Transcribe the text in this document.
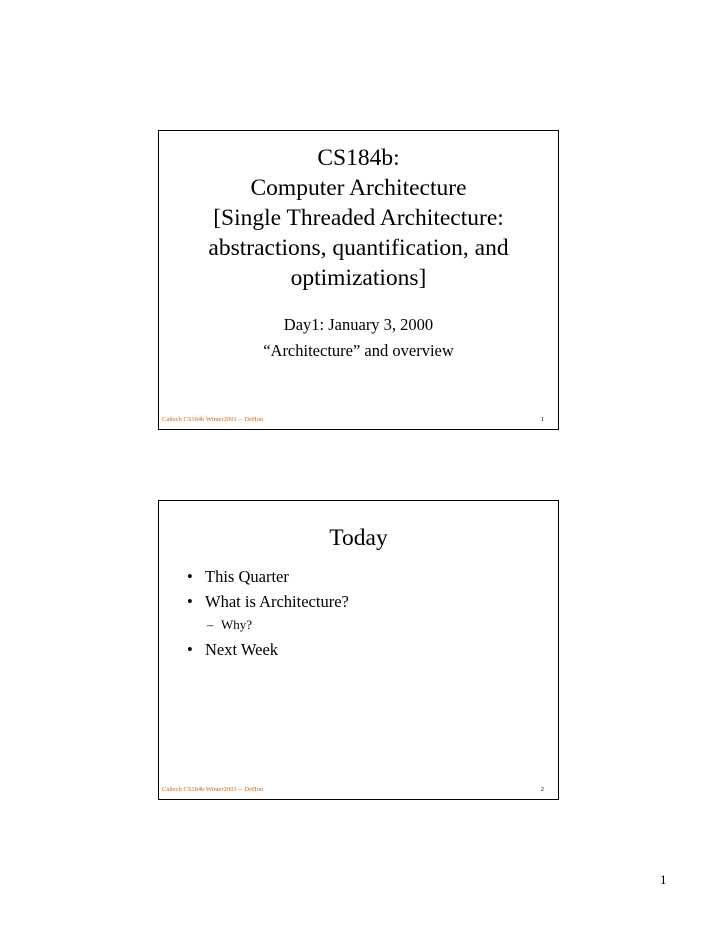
CS184b:
Computer Architecture
[Single Threaded Architecture:
abstractions, quantification, and
optimizations]
Day1: January 3, 2000
“Architecture” and overview
Caltech CS184b Winter2001 -- DeHon	1
Today
• This Quarter
• What is Architecture?
– Why?
• Next Week
Caltech CS184b Winter2001 -- DeHon	2
1
